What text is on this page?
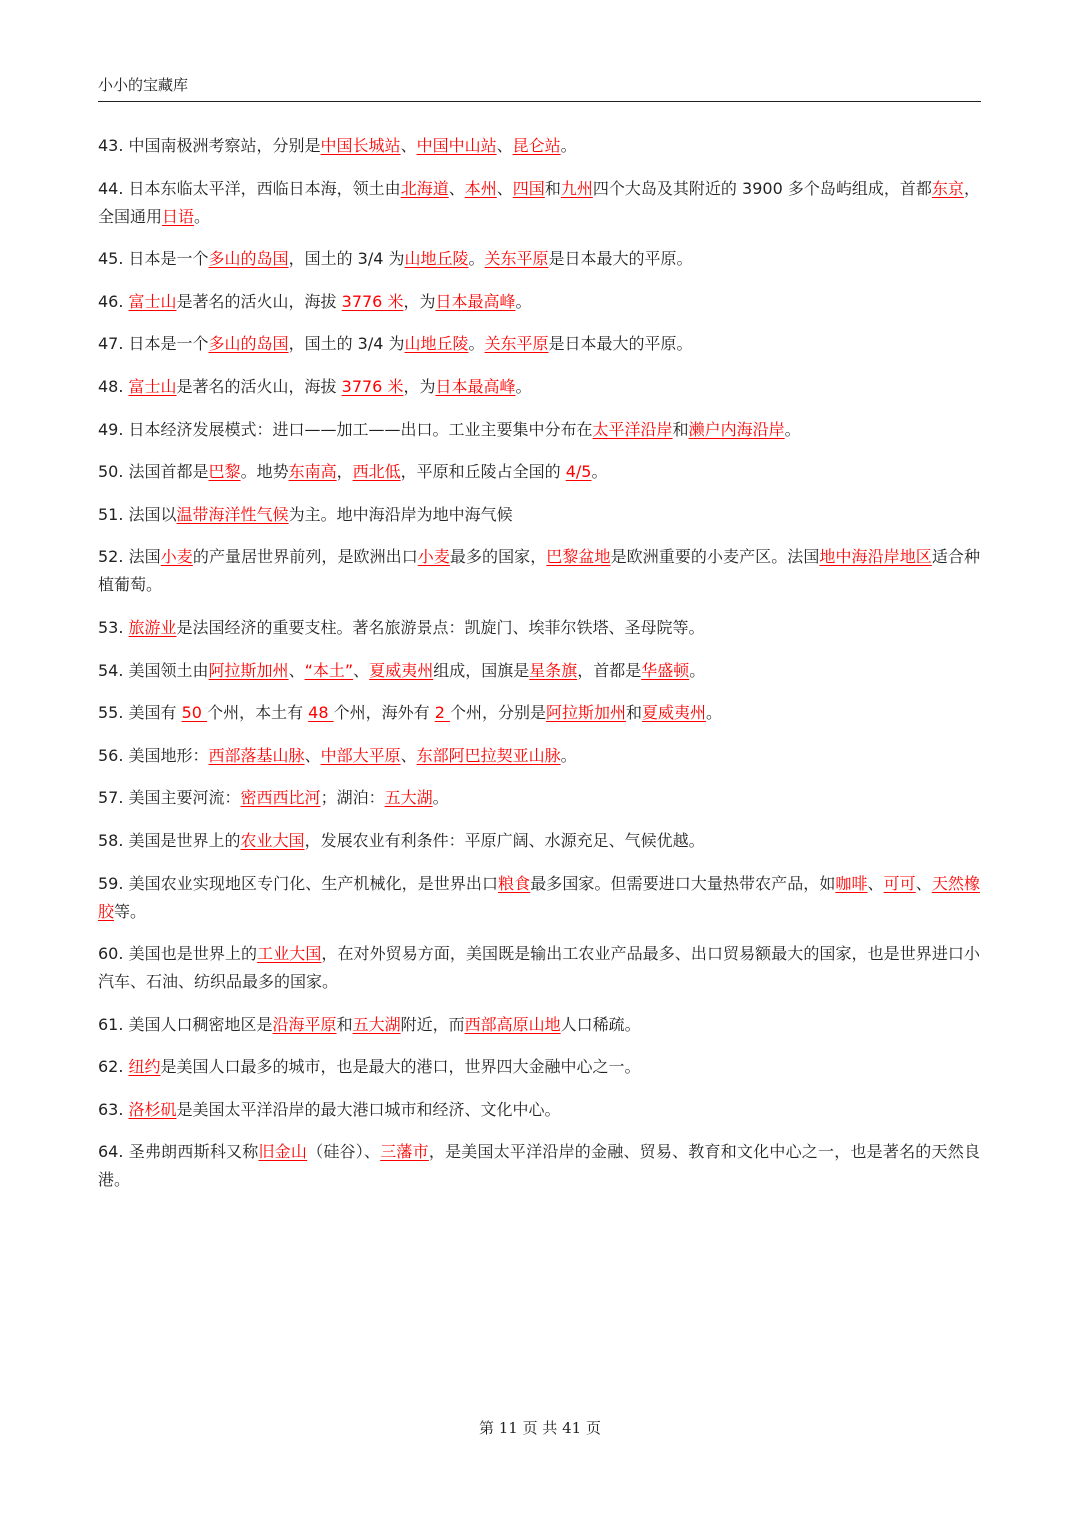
小小的宝藏库
43. 中国南极洲考察站，分别是中国长城站、中国中山站、昆仑站。
44. 日本东临太平洋，西临日本海，领土由北海道、本州、四国和九州四个大岛及其附近的 3900 多个岛屿组成，首都东京，全国通用日语。
45. 日本是一个多山的岛国，国土的 3/4 为山地丘陵。关东平原是日本最大的平原。
46. 富士山是著名的活火山，海拔 3776 米，为日本最高峰。
47. 日本是一个多山的岛国，国土的 3/4 为山地丘陵。关东平原是日本最大的平原。
48. 富士山是著名的活火山，海拔 3776 米，为日本最高峰。
49. 日本经济发展模式：进口——加工——出口。工业主要集中分布在太平洋沿岸和濑户内海沿岸。
50. 法国首都是巴黎。地势东南高，西北低，平原和丘陵占全国的 4/5。
51. 法国以温带海洋性气候为主。地中海沿岸为地中海气候
52. 法国小麦的产量居世界前列，是欧洲出口小麦最多的国家，巴黎盆地是欧洲重要的小麦产区。法国地中海沿岸地区适合种植葡萄。
53. 旅游业是法国经济的重要支柱。著名旅游景点：凯旋门、埃菲尔铁塔、圣母院等。
54. 美国领土由阿拉斯加州、“本土”、夏威夷州组成，国旗是星条旗，首都是华盛顿。
55. 美国有 50 个州，本土有 48 个州，海外有 2 个州，分别是阿拉斯加州和夏威夷州。
56. 美国地形：西部落基山脉、中部大平原、东部阿巴拉契亚山脉。
57. 美国主要河流：密西西比河；湖泊：五大湖。
58. 美国是世界上的农业大国，发展农业有利条件：平原广阔、水源充足、气候优越。
59. 美国农业实现地区专门化、生产机械化，是世界出口粮食最多国家。但需要进口大量热带农产品，如咖啡、可可、天然橡胶等。
60. 美国也是世界上的工业大国，在对外贸易方面，美国既是输出工农业产品最多、出口贸易额最大的国家，也是世界进口小汽车、石油、纺织品最多的国家。
61. 美国人口稠密地区是沿海平原和五大湖附近，而西部高原山地人口稀疏。
62. 纽约是美国人口最多的城市，也是最大的港口，世界四大金融中心之一。
63. 洛杉矶是美国太平洋沿岸的最大港口城市和经济、文化中心。
64. 圣弗朗西斯科又称旧金山（硅谷）、三藩市，是美国太平洋沿岸的金融、贸易、教育和文化中心之一，也是著名的天然良港。
第 11 页 共 41 页
